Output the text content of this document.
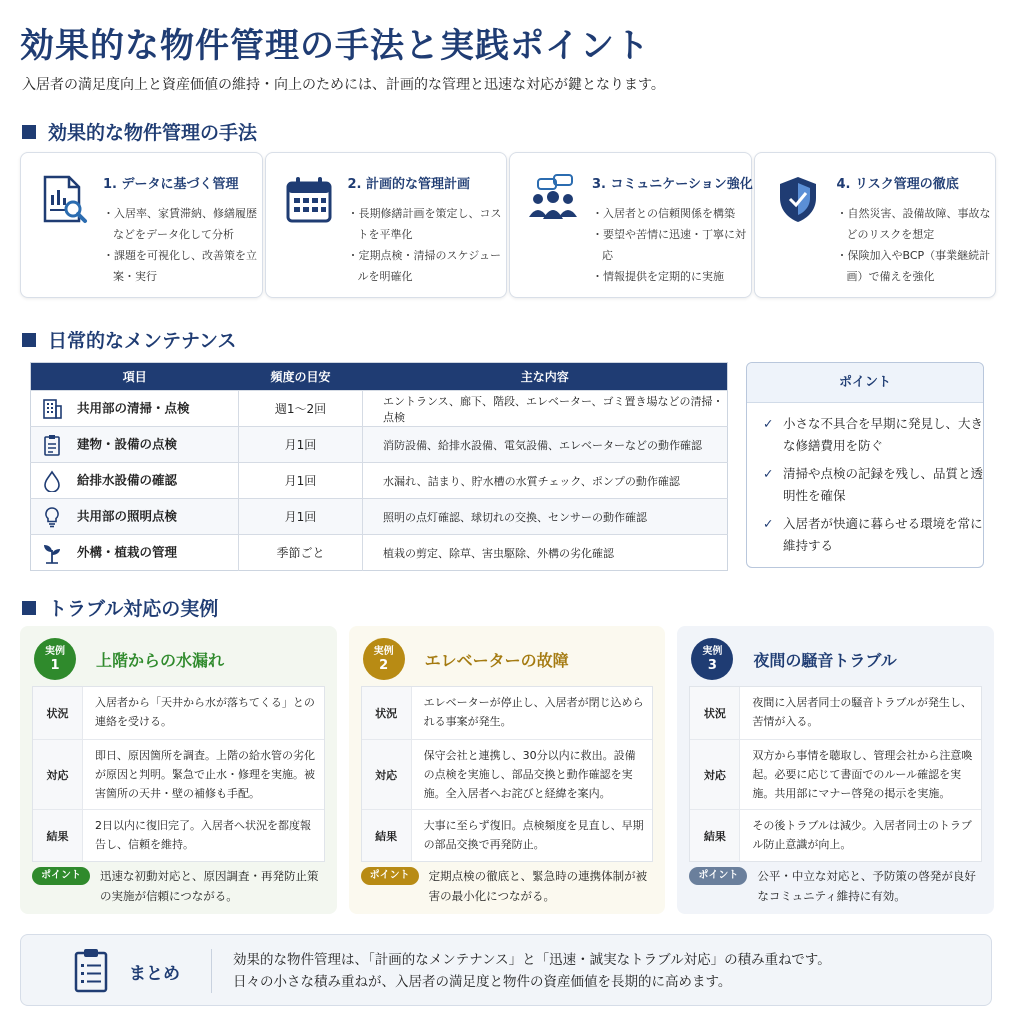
効果的な物件管理の手法と実践ポイント
入居者の満足度向上と資産価値の維持・向上のためには、計画的な管理と迅速な対応が鍵となります。
効果的な物件管理の手法
1. データに基づく管理
・ 入居率、家賃滞納、修繕履歴などをデータ化して分析
・ 課題を可視化し、改善策を立案・実行
2. 計画的な管理計画
・ 長期修繕計画を策定し、コストを平準化
・ 定期点検・清掃のスケジュールを明確化
3. コミュニケーション強化
・ 入居者との信頼関係を構築
・ 要望や苦情に迅速・丁寧に対応
・ 情報提供を定期的に実施
4. リスク管理の徹底
・ 自然災害、設備故障、事故などのリスクを想定
・ 保険加入やBCP（事業継続計画）で備えを強化
日常的なメンテナンス
項目	頻度の目安	主な内容
共用部の清掃・点検	週1〜2回	エントランス、廊下、階段、エレベーター、ゴミ置き場などの清掃・点検
建物・設備の点検	月1回	消防設備、給排水設備、電気設備、エレベーターなどの動作確認
給排水設備の確認	月1回	水漏れ、詰まり、貯水槽の水質チェック、ポンプの動作確認
共用部の照明点検	月1回	照明の点灯確認、球切れの交換、センサーの動作確認
外構・植栽の管理	季節ごと	植栽の剪定、除草、害虫駆除、外構の劣化確認
ポイント
✓ 小さな不具合を早期に発見し、大きな修繕費用を防ぐ
✓ 清掃や点検の記録を残し、品質と透明性を確保
✓ 入居者が快適に暮らせる環境を常に維持する
トラブル対応の実例
実例
1	上階からの水漏れ
状況
入居者から「天井から水が落ちてくる」との連絡を受ける。
対応
即日、原因箇所を調査。上階の給水管の劣化が原因と判明。緊急で止水・修理を実施。被害箇所の天井・壁の補修も手配。
結果
2日以内に復旧完了。入居者へ状況を都度報告し、信頼を維持。
ポイント	迅速な初動対応と、原因調査・再発防止策の実施が信頼につながる。
実例
2	エレベーターの故障
状況
エレベーターが停止し、入居者が閉じ込められる事案が発生。
対応
保守会社と連携し、30分以内に救出。設備の点検を実施し、部品交換と動作確認を実施。全入居者へお詫びと経緯を案内。
結果
大事に至らず復旧。点検頻度を見直し、早期の部品交換で再発防止。
ポイント	定期点検の徹底と、緊急時の連携体制が被害の最小化につながる。
実例
3	夜間の騒音トラブル
状況
夜間に入居者同士の騒音トラブルが発生し、苦情が入る。
対応
双方から事情を聴取し、管理会社から注意喚起。必要に応じて書面でのルール確認を実施。共用部にマナー啓発の掲示を実施。
結果
その後トラブルは減少。入居者同士のトラブル防止意識が向上。
ポイント	公平・中立な対応と、予防策の啓発が良好なコミュニティ維持に有効。
まとめ
効果的な物件管理は、「計画的なメンテナンス」と「迅速・誠実なトラブル対応」の積み重ねです。
日々の小さな積み重ねが、入居者の満足度と物件の資産価値を長期的に高めます。
